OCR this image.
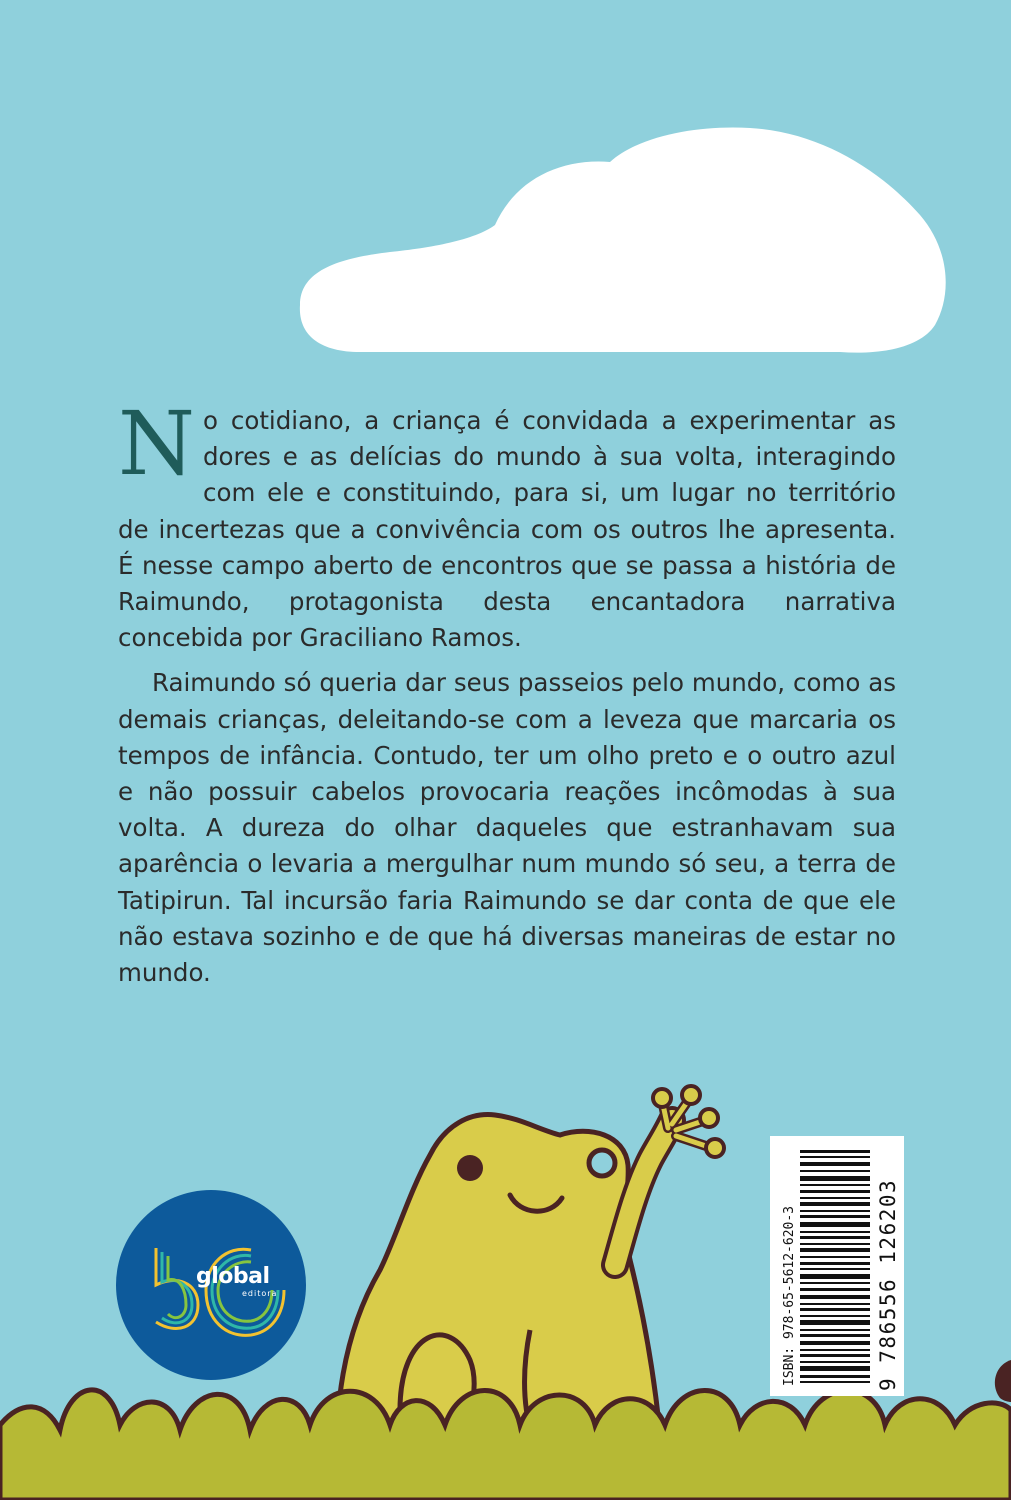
No cotidiano, a criança é convidada a experimentar as dores e as delícias do mundo à sua volta, interagindo com ele e constituindo, para si, um lugar no território de incertezas que a convivência com os outros lhe apresenta. É nesse campo aberto de encontros que se passa a história de Raimundo, protagonista desta encantadora narrativa concebida por Graciliano Ramos.

Raimundo só queria dar seus passeios pelo mundo, como as demais crianças, deleitando-se com a leveza que marcaria os tempos de infância. Contudo, ter um olho preto e o outro azul e não possuir cabelos provocaria reações incômodas à sua volta. A dureza do olhar daqueles que estranhavam sua aparência o levaria a mergulhar num mundo só seu, a terra de Tatipirun. Tal incursão faria Raimundo se dar conta de que ele não estava sozinho e de que há diversas maneiras de estar no mundo.

global
editora	ISBN: 978-65-5612-620-3	9 786556 126203
